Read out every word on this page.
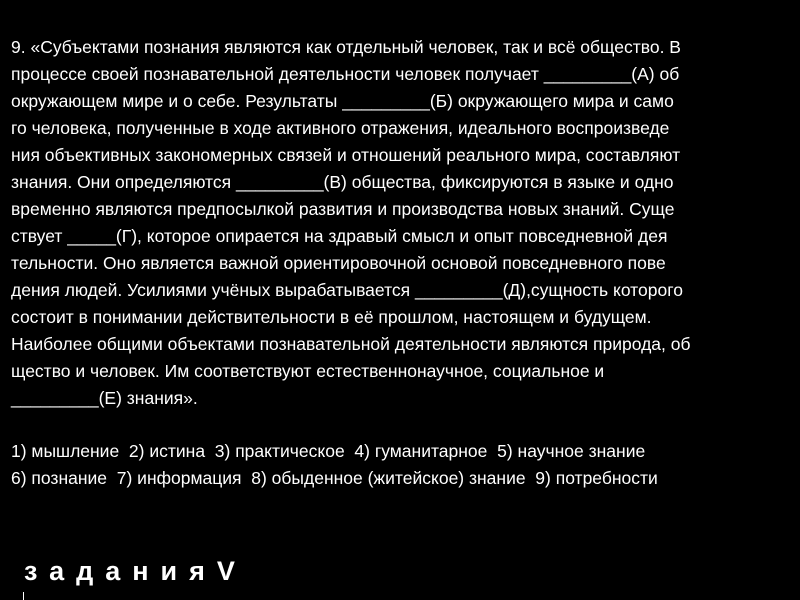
9. «Субъектами познания являются как отдельный человек, так и всё общество. В
процессе своей познавательной деятельности человек получает _________(А) об
окружающем мире и о себе. Результаты _________(Б) окружающего мира и само
го человека, полученные в ходе активного отражения, идеального воспроизведе
ния объективных закономерных связей и отношений реального мира, составляют
знания. Они определяются _________(В) общества, фиксируются в языке и одно
временно являются предпосылкой развития и производства новых знаний. Суще
ствует _____(Г), которое опирается на здравый смысл и опыт повседневной дея
тельности. Оно является важной ориентировочной основой повседневного пове
дения людей. Усилиями учёных вырабатывается _________(Д),сущность которого
состоит в понимании действительности в её прошлом, настоящем и будущем.
Наиболее общими объектами познавательной деятельности являются природа, об
щество и человек. Им соответствуют естественнонаучное, социальное и
_________(Е) знания».
1) мышление  2) истина  3) практическое  4) гуманитарное  5) научное знание
6) познание  7) информация  8) обыденное (житейское) знание  9) потребности
заданияV
